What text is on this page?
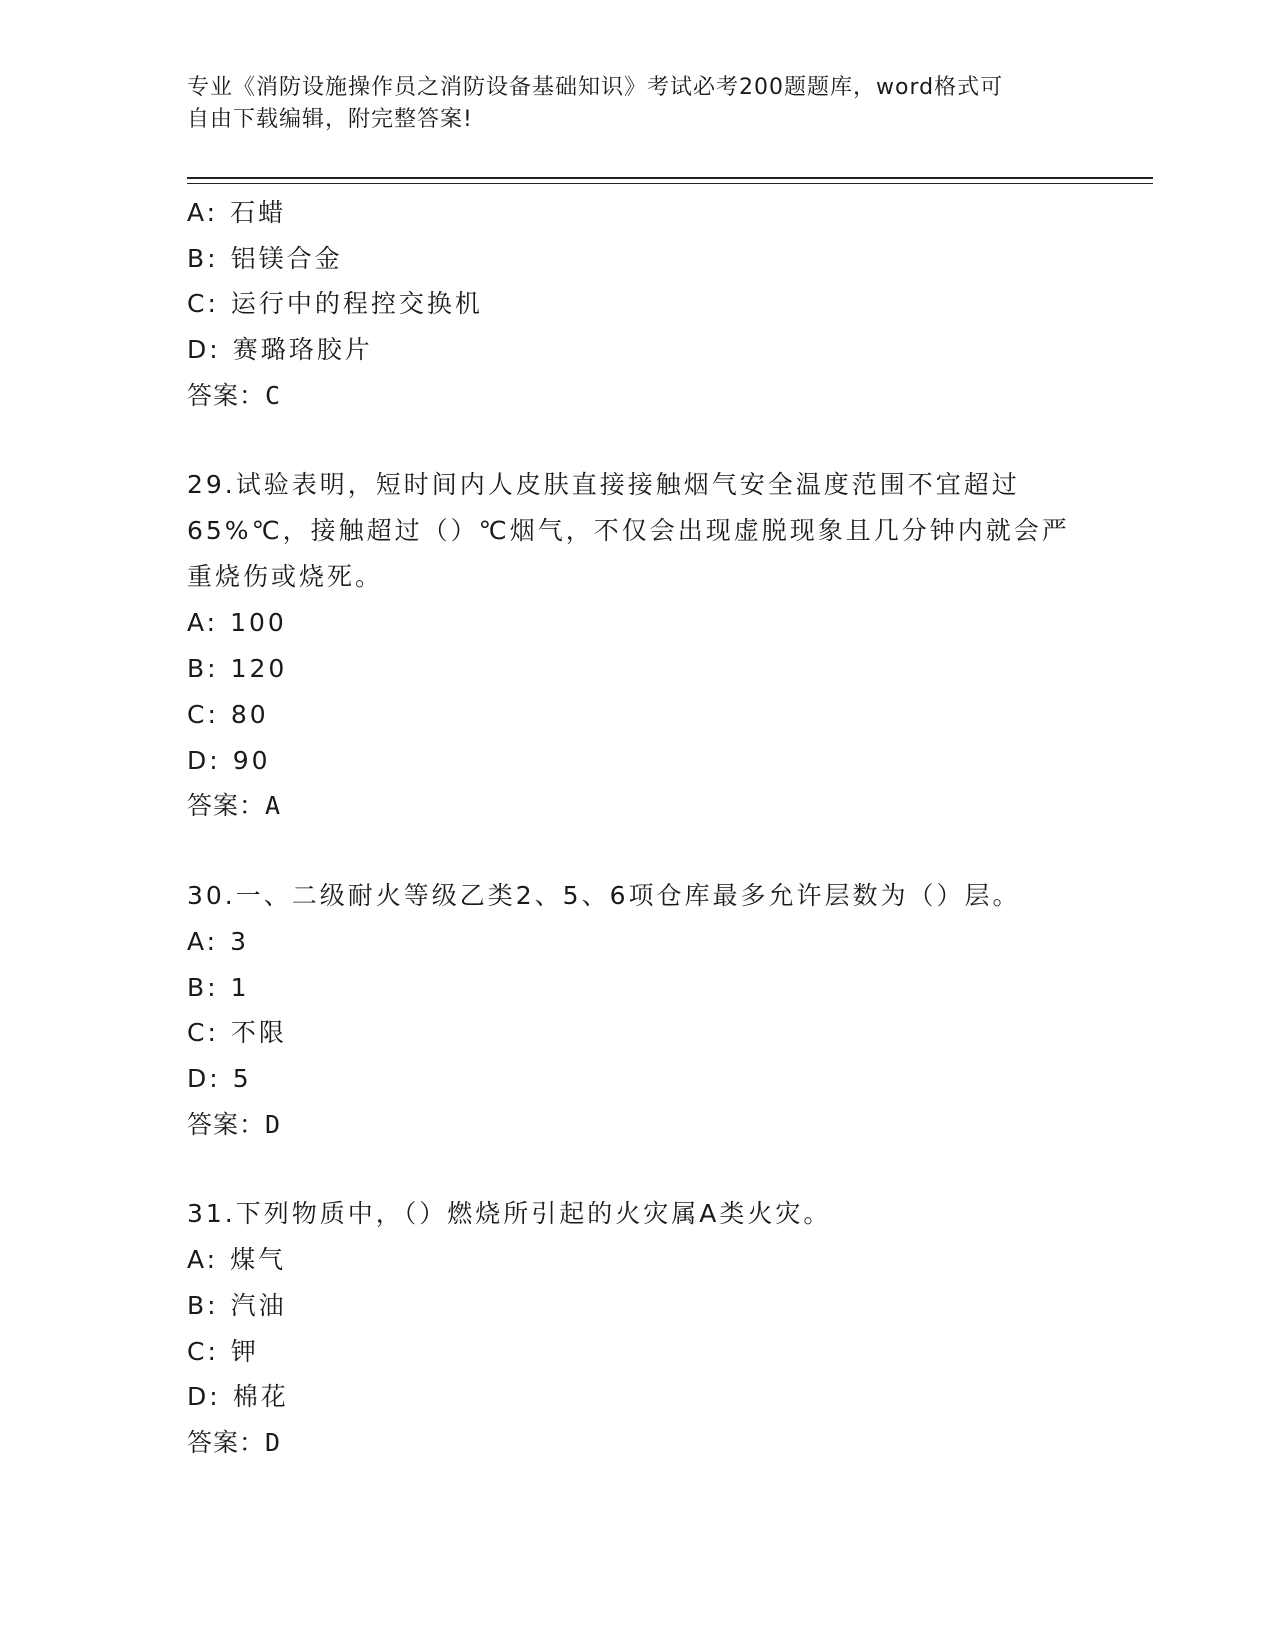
专业《消防设施操作员之消防设备基础知识》考试必考200题题库，word格式可
自由下载编辑，附完整答案!
A: 石蜡
B: 铝镁合金
C: 运行中的程控交换机
D: 赛璐珞胶片
答案：C
29.试验表明，短时间内人皮肤直接接触烟气安全温度范围不宜超过
65%℃，接触超过（）℃烟气，不仅会出现虚脱现象且几分钟内就会严
重烧伤或烧死。
A: 100
B: 120
C: 80
D: 90
答案：A
30.一、二级耐火等级乙类2、5、6项仓库最多允许层数为（）层。
A: 3
B: 1
C: 不限
D: 5
答案：D
31.下列物质中，（）燃烧所引起的火灾属A类火灾。
A: 煤气
B: 汽油
C: 钾
D: 棉花
答案：D
